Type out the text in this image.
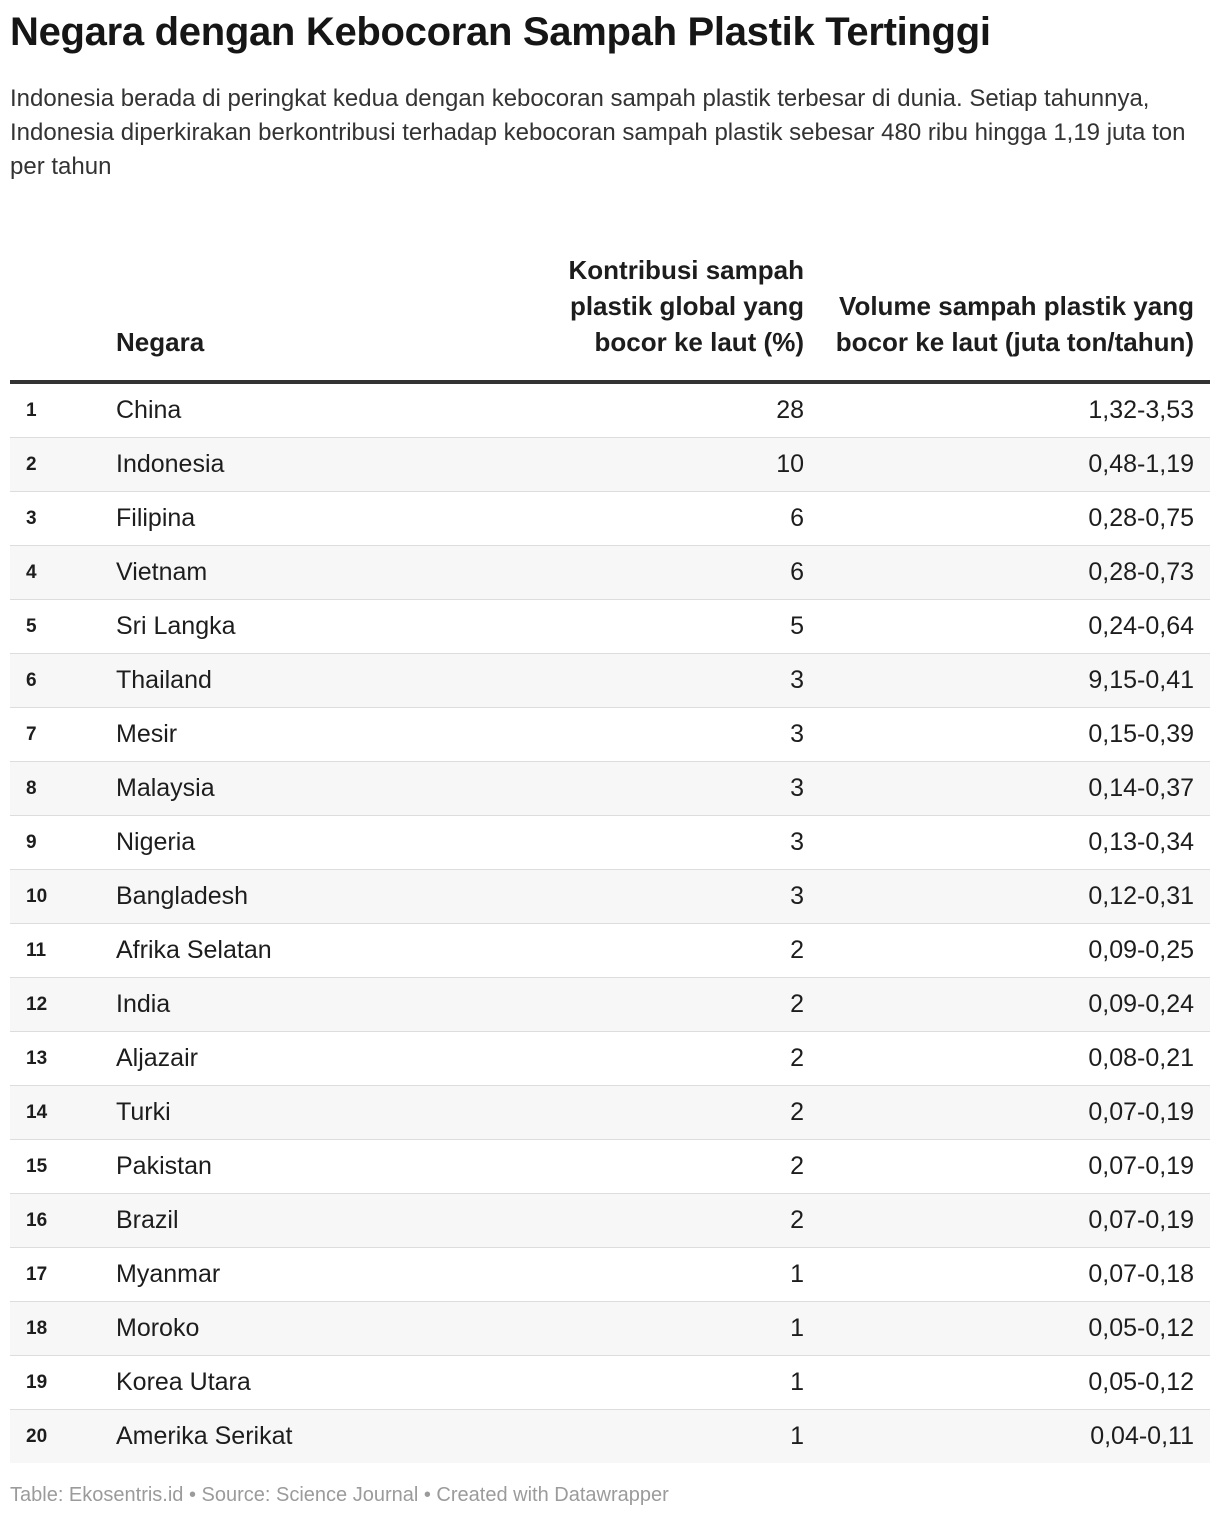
Negara dengan Kebocoran Sampah Plastik Tertinggi

Indonesia berada di peringkat kedua dengan kebocoran sampah plastik terbesar di dunia. Setiap tahunnya, Indonesia diperkirakan berkontribusi terhadap kebocoran sampah plastik sebesar 480 ribu hingga 1,19 juta ton per tahun

	Negara	Kontribusi sampah plastik global yang bocor ke laut (%)	Volume sampah plastik yang bocor ke laut (juta ton/tahun)
1	China	28	1,32-3,53
2	Indonesia	10	0,48-1,19
3	Filipina	6	0,28-0,75
4	Vietnam	6	0,28-0,73
5	Sri Langka	5	0,24-0,64
6	Thailand	3	9,15-0,41
7	Mesir	3	0,15-0,39
8	Malaysia	3	0,14-0,37
9	Nigeria	3	0,13-0,34
10	Bangladesh	3	0,12-0,31
11	Afrika Selatan	2	0,09-0,25
12	India	2	0,09-0,24
13	Aljazair	2	0,08-0,21
14	Turki	2	0,07-0,19
15	Pakistan	2	0,07-0,19
16	Brazil	2	0,07-0,19
17	Myanmar	1	0,07-0,18
18	Moroko	1	0,05-0,12
19	Korea Utara	1	0,05-0,12
20	Amerika Serikat	1	0,04-0,11

Table: Ekosentris.id • Source: Science Journal • Created with Datawrapper
